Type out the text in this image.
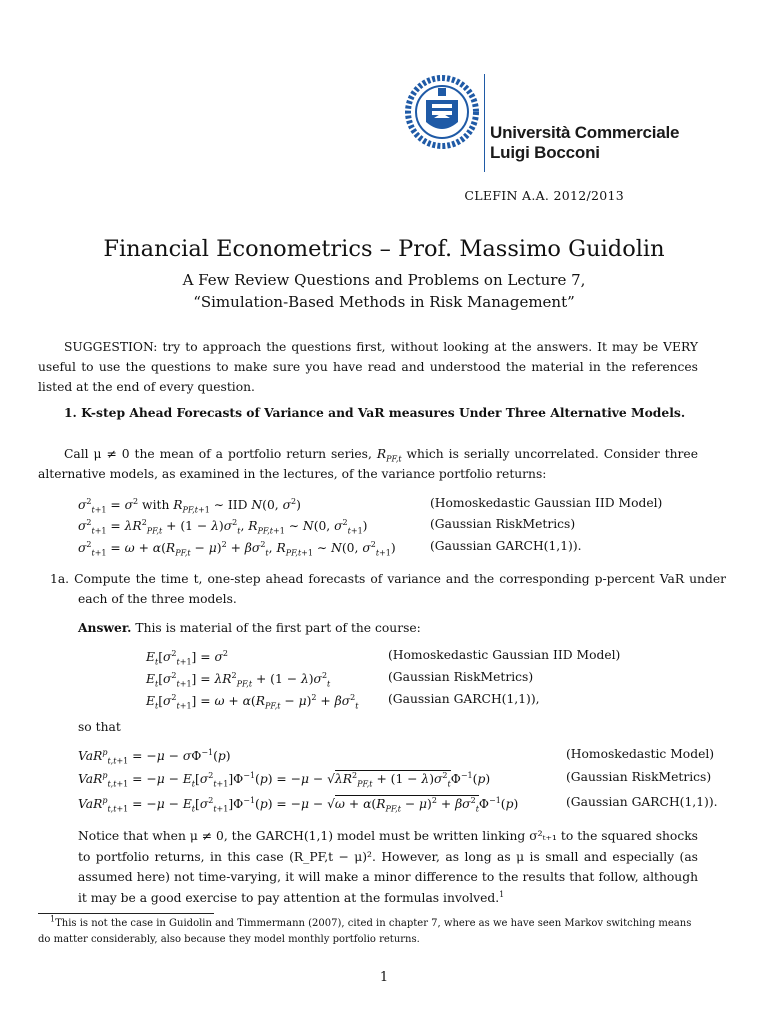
Università Commerciale
Luigi Bocconi
CLEFIN A.A. 2012/2013
Financial Econometrics – Prof. Massimo Guidolin
A Few Review Questions and Problems on Lecture 7,
“Simulation-Based Methods in Risk Management”
SUGGESTION: try to approach the questions first, without looking at the answers. It may be VERY useful to use the questions to make sure you have read and understood the material in the references listed at the end of every question.
1. K-step Ahead Forecasts of Variance and VaR measures Under Three Alternative Models.
Call μ ≠ 0 the mean of a portfolio return series, $R_{PF,t}$ which is serially uncorrelated. Consider three alternative models, as examined in the lectures, of the variance portfolio returns:
$\sigma^2_{t+1} = \sigma^2$ with $R_{PF,t+1}$ ∼ IID N(0, $\sigma^2$)
$\sigma^2_{t+1} = \lambda R^2_{PF,t} + (1 - \lambda)\sigma^2_t$, $R_{PF,t+1}$ ∼ N(0, $\sigma^2_{t+1}$)
$\sigma^2_{t+1} = \omega + \alpha(R_{PF,t} - \mu)^2 + \beta\sigma^2_t$, $R_{PF,t+1}$ ∼ N(0, $\sigma^2_{t+1}$)
(Homoskedastic Gaussian IID Model)
(Gaussian RiskMetrics)
(Gaussian GARCH(1,1)).
1a. Compute the time t, one-step ahead forecasts of variance and the corresponding p-percent VaR under each of the three models.
Answer. This is material of the first part of the course:
$E_t[\sigma^2_{t+1}] = \sigma^2$
$E_t[\sigma^2_{t+1}] = \lambda R^2_{PF,t} + (1 - \lambda)\sigma^2_t$
$E_t[\sigma^2_{t+1}] = \omega + \alpha(R_{PF,t} - \mu)^2 + \beta\sigma^2_t$
(Homoskedastic Gaussian IID Model)
(Gaussian RiskMetrics)
(Gaussian GARCH(1,1)),
so that
$VaR^p_{t,t+1} = -\mu - \sigma\Phi^{-1}(p)$
$VaR^p_{t,t+1} = -\mu - E_t[\sigma^2_{t+1}]\Phi^{-1}(p) = -\mu - √\lambda R^2_{PF,t} + (1 - \lambda)\sigma^2_t\Phi^{-1}(p)$
$VaR^p_{t,t+1} = -\mu - E_t[\sigma^2_{t+1}]\Phi^{-1}(p) = -\mu - √\omega + \alpha(R_{PF,t} - \mu)^2 + \beta\sigma^2_t\Phi^{-1}(p)$
(Homoskedastic Model)
(Gaussian RiskMetrics)
(Gaussian GARCH(1,1)).
Notice that when μ ≠ 0, the GARCH(1,1) model must be written linking σ²ₜ₊₁ to the squared shocks to portfolio returns, in this case (R_PF,t − μ)². However, as long as μ is small and especially (as assumed here) not time-varying, it will make a minor difference to the results that follow, although it may be a good exercise to pay attention at the formulas involved.$^1$
$^1$This is not the case in Guidolin and Timmermann (2007), cited in chapter 7, where as we have seen Markov switching means do matter considerably, also because they model monthly portfolio returns.
1
